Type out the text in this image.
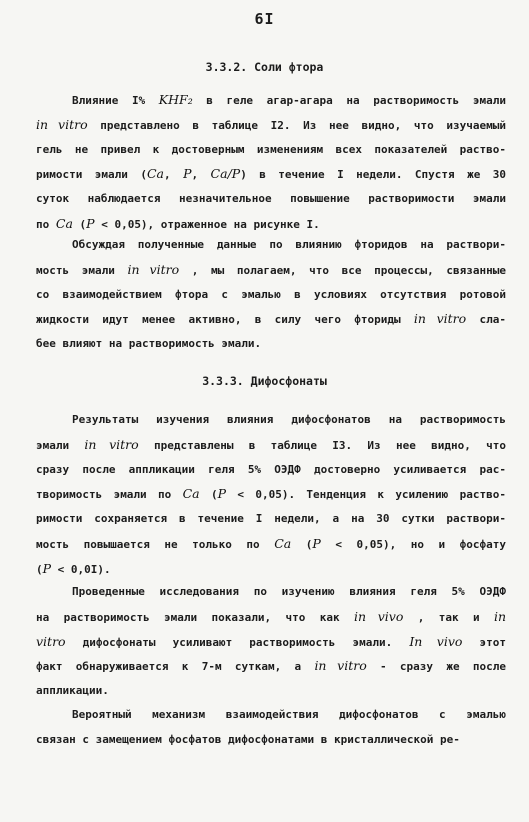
6I
3.3.2. Соли фтора
Влияние I% KHF₂ в геле агар-агара на растворимость эмали
in vitro представлено в таблице I2. Из нее видно, что изучаемый
гель не привел к достоверным изменениям всех показателей раство-
римости эмали (Ca, P, Ca/P) в течение I недели. Спустя же 30
суток наблюдается незначительное повышение растворимости эмали
по Ca (P < 0,05), отраженное на рисунке I.
Обсуждая полученные данные по влиянию фторидов на раствори-
мость эмали in vitro , мы полагаем, что все процессы, связанные
со взаимодействием фтора с эмалью в условиях отсутствия ротовой
жидкости идут менее активно, в силу чего фториды in vitro сла-
бее влияют на растворимость эмали.
3.3.3. Дифосфонаты
Результаты изучения влияния дифосфонатов на растворимость
эмали in vitro представлены в таблице I3. Из нее видно, что
сразу после аппликации геля 5% ОЭДФ достоверно усиливается рас-
творимость эмали по Ca (P < 0,05). Тенденция к усилению раство-
римости сохраняется в течение I недели, а на 30 сутки раствори-
мость повышается не только по Ca (P < 0,05), но и фосфату
(P < 0,0I).
Проведенные исследования по изучению влияния геля 5% ОЭДФ
на растворимость эмали показали, что как in vivo , так и in
vitro дифосфонаты усиливают растворимость эмали. In vivo этот
факт обнаруживается к 7-м суткам, а in vitro - сразу же после
аппликации.
Вероятный механизм взаимодействия дифосфонатов с эмалью
связан с замещением фосфатов дифосфонатами в кристаллической ре-
